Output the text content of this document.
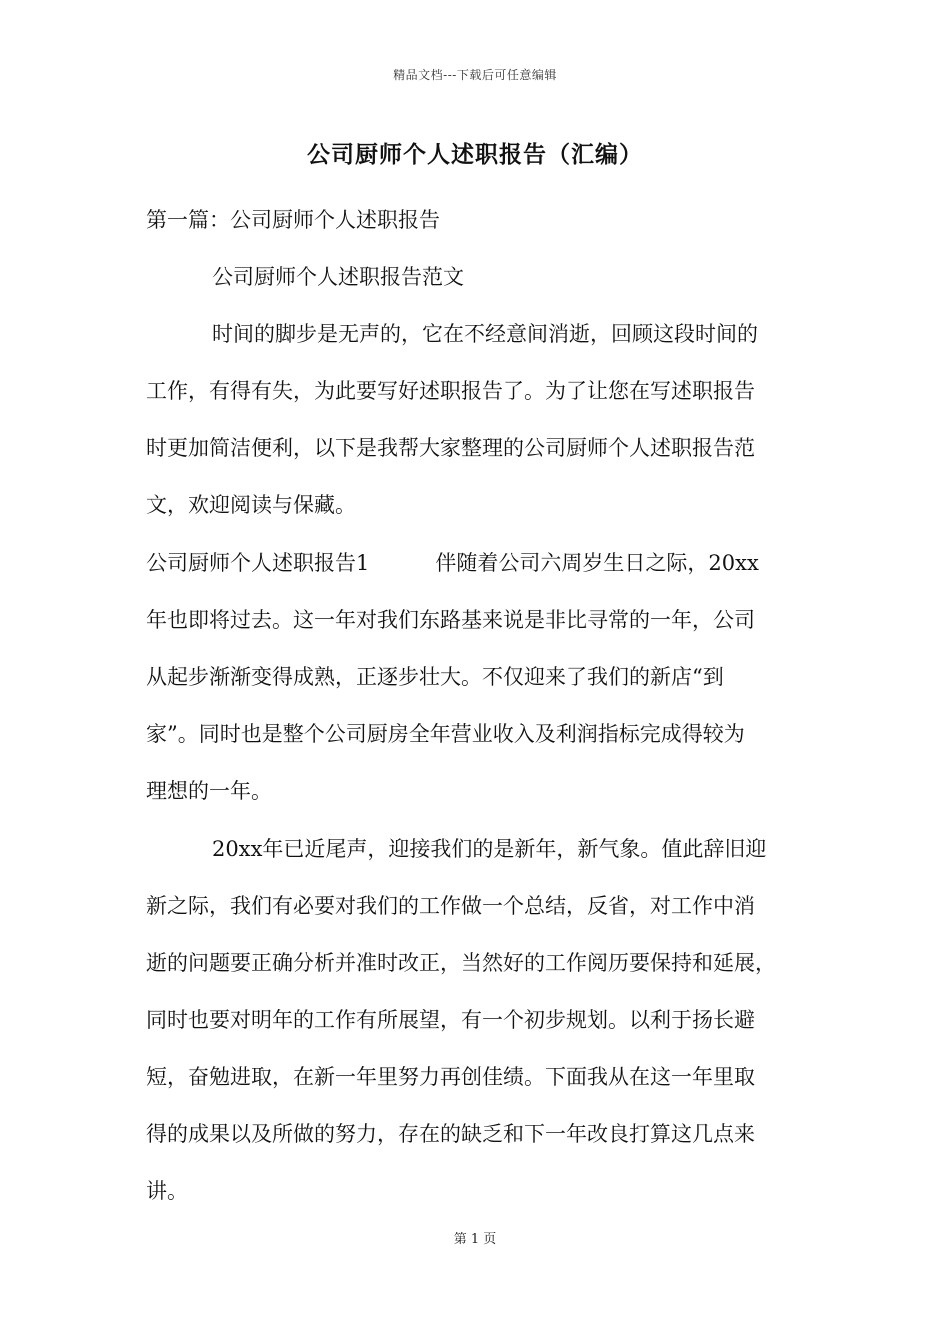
精品文档---下载后可任意编辑
公司厨师个人述职报告（汇编）
第一篇：公司厨师个人述职报告
公司厨师个人述职报告范文
时间的脚步是无声的，它在不经意间消逝，回顾这段时间的
工作，有得有失，为此要写好述职报告了。为了让您在写述职报告
时更加简洁便利，以下是我帮大家整理的公司厨师个人述职报告范
文，欢迎阅读与保藏。
公司厨师个人述职报告1	伴随着公司六周岁生日之际，20xx
年也即将过去。这一年对我们东路基来说是非比寻常的一年，公司
从起步渐渐变得成熟，正逐步壮大。不仅迎来了我们的新店“到
家”。同时也是整个公司厨房全年营业收入及利润指标完成得较为
理想的一年。
20xx年已近尾声，迎接我们的是新年，新气象。值此辞旧迎
新之际，我们有必要对我们的工作做一个总结，反省，对工作中消
逝的问题要正确分析并准时改正，当然好的工作阅历要保持和延展，
同时也要对明年的工作有所展望，有一个初步规划。以利于扬长避
短，奋勉进取，在新一年里努力再创佳绩。下面我从在这一年里取
得的成果以及所做的努力，存在的缺乏和下一年改良打算这几点来
讲。
第 1 页
